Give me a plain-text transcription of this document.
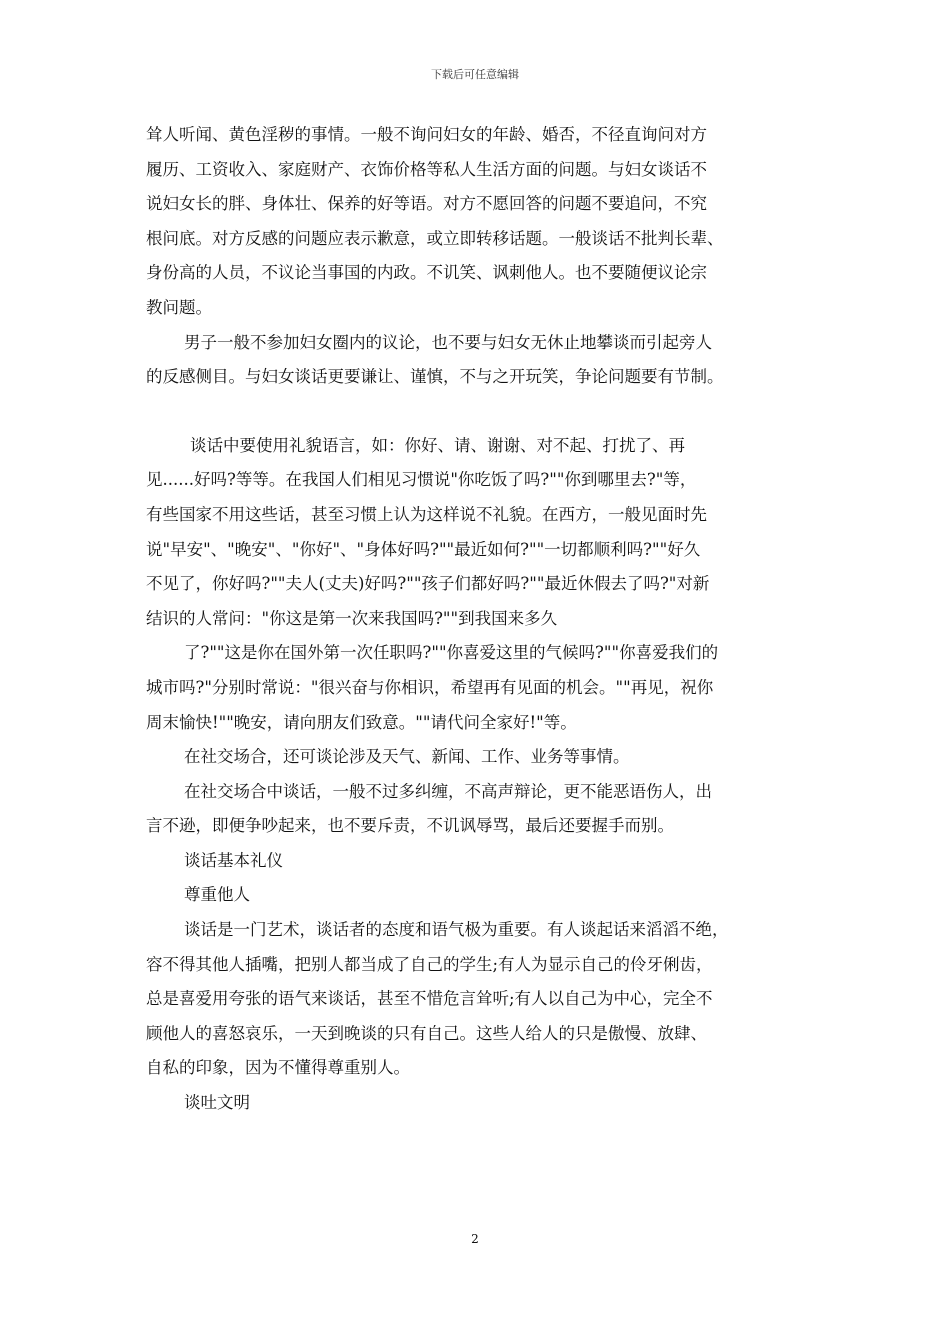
下载后可任意编辑

耸人听闻、黄色淫秽的事情。一般不询问妇女的年龄、婚否，不径直询问对方

履历、工资收入、家庭财产、衣饰价格等私人生活方面的问题。与妇女谈话不

说妇女长的胖、身体壮、保养的好等语。对方不愿回答的问题不要追问，不究

根问底。对方反感的问题应表示歉意，或立即转移话题。一般谈话不批判长辈、

身份高的人员，不议论当事国的内政。不讥笑、讽刺他人。也不要随便议论宗

教问题。

男子一般不参加妇女圈内的议论，也不要与妇女无休止地攀谈而引起旁人

的反感侧目。与妇女谈话更要谦让、谨慎，不与之开玩笑，争论问题要有节制。

谈话中要使用礼貌语言，如：你好、请、谢谢、对不起、打扰了、再

见......好吗?等等。在我国人们相见习惯说"你吃饭了吗?""你到哪里去?"等，

有些国家不用这些话，甚至习惯上认为这样说不礼貌。在西方，一般见面时先

说"早安"、"晚安"、"你好"、"身体好吗?""最近如何?""一切都顺利吗?""好久

不见了，你好吗?""夫人(丈夫)好吗?""孩子们都好吗?""最近休假去了吗?"对新

结识的人常问："你这是第一次来我国吗?""到我国来多久

了?""这是你在国外第一次任职吗?""你喜爱这里的气候吗?""你喜爱我们的

城市吗?"分别时常说："很兴奋与你相识，希望再有见面的机会。""再见，祝你

周末愉快!""晚安，请向朋友们致意。""请代问全家好!"等。

在社交场合，还可谈论涉及天气、新闻、工作、业务等事情。

在社交场合中谈话，一般不过多纠缠，不高声辩论，更不能恶语伤人，出

言不逊，即便争吵起来，也不要斥责，不讥讽辱骂，最后还要握手而别。

谈话基本礼仪

尊重他人

谈话是一门艺术，谈话者的态度和语气极为重要。有人谈起话来滔滔不绝，

容不得其他人插嘴，把别人都当成了自己的学生;有人为显示自己的伶牙俐齿，

总是喜爱用夸张的语气来谈话，甚至不惜危言耸听;有人以自己为中心，完全不

顾他人的喜怒哀乐，一天到晚谈的只有自己。这些人给人的只是傲慢、放肆、

自私的印象，因为不懂得尊重别人。

谈吐文明

2
